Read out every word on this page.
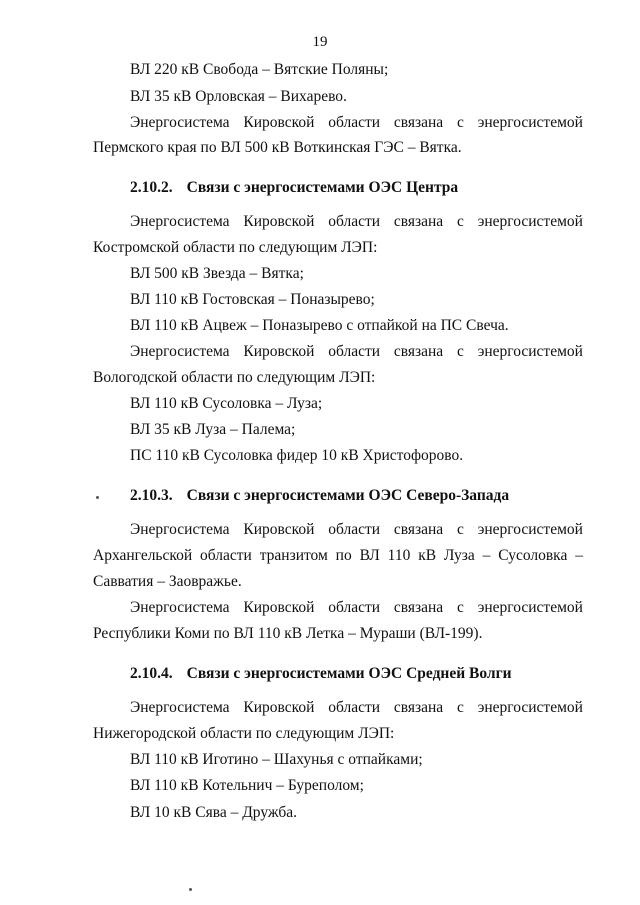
19
ВЛ 220 кВ Свобода – Вятские Поляны;
ВЛ 35 кВ Орловская – Вихарево.
Энергосистема Кировской области связана с энергосистемой
Пермского края по ВЛ 500 кВ Воткинская ГЭС – Вятка.
2.10.2. Связи с энергосистемами ОЭС Центра
Энергосистема Кировской области связана с энергосистемой
Костромской области по следующим ЛЭП:
ВЛ 500 кВ Звезда – Вятка;
ВЛ 110 кВ Гостовская – Поназырево;
ВЛ 110 кВ Ацвеж – Поназырево с отпайкой на ПС Свеча.
Энергосистема Кировской области связана с энергосистемой
Вологодской области по следующим ЛЭП:
ВЛ 110 кВ Сусоловка – Луза;
ВЛ 35 кВ Луза – Палема;
ПС 110 кВ Сусоловка фидер 10 кВ Христофорово.
2.10.3. Связи с энергосистемами ОЭС Северо-Запада
Энергосистема Кировской области связана с энергосистемой
Архангельской области транзитом по ВЛ 110 кВ Луза – Сусоловка –
Савватия – Заовражье.
Энергосистема Кировской области связана с энергосистемой
Республики Коми по ВЛ 110 кВ Летка – Мураши (ВЛ-199).
2.10.4. Связи с энергосистемами ОЭС Средней Волги
Энергосистема Кировской области связана с энергосистемой
Нижегородской области по следующим ЛЭП:
ВЛ 110 кВ Иготино – Шахунья с отпайками;
ВЛ 110 кВ Котельнич – Буреполом;
ВЛ 10 кВ Сява – Дружба.
